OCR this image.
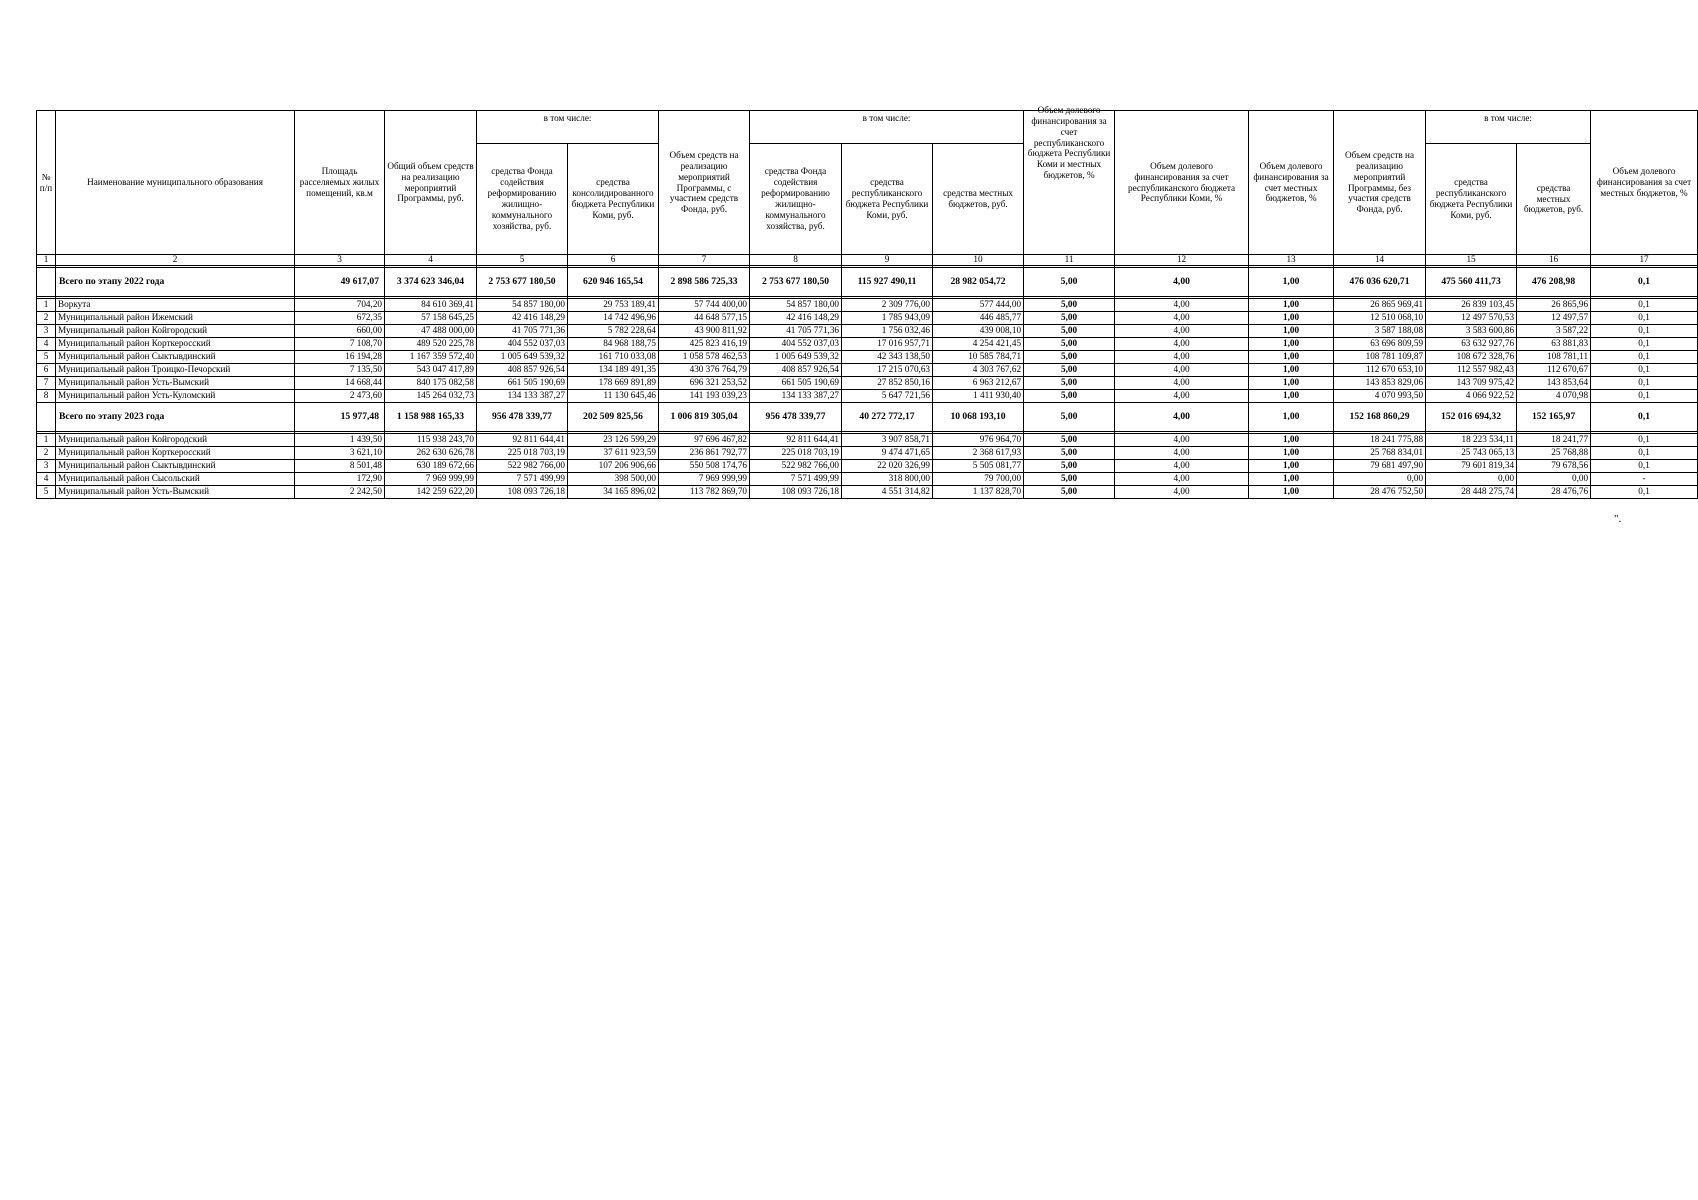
№ п/п	Наименование муниципального образования	Площадь расселяемых жилых помещений, кв.м	Общий объем средств на реализацию мероприятий Программы, руб.	в том числе:		Объем средств на реализацию мероприятий Программы, с участием средств Фонда, руб.	в том числе:			Объем долевого финансирования за счет республиканского бюджета Республики Коми и местных бюджетов, %	Объем долевого финансирования за счет республиканского бюджета Республики Коми, %	Объем долевого финансирования за счет местных бюджетов, %	Объем средств на реализацию мероприятий Программы, без участия средств Фонда, руб.	в том числе:		Объем долевого финансирования за счет местных бюджетов, %
				средства Фонда содействия реформированию жилищно-коммунального хозяйства, руб.	средства консолидированного бюджета Республики Коми, руб.		средства Фонда содействия реформированию жилищно-коммунального хозяйства, руб.	средства республиканского бюджета Республики Коми, руб.	средства местных бюджетов, руб.					средства республиканского бюджета Республики Коми, руб.	средства местных бюджетов, руб.	
1	2	3	4	5	6	7	8	9	10	11	12	13	14	15	16	17

	Всего по этапу 2022 года	49 617,07	3 374 623 346,04	2 753 677 180,50	620 946 165,54	2 898 586 725,33	2 753 677 180,50	115 927 490,11	28 982 054,72	5,00	4,00	1,00	476 036 620,71	475 560 411,73	476 208,98	0,1

1	Воркута	704,20	84 610 369,41	54 857 180,00	29 753 189,41	57 744 400,00	54 857 180,00	2 309 776,00	577 444,00	5,00	4,00	1,00	26 865 969,41	26 839 103,45	26 865,96	0,1
2	Муниципальный район Ижемский	672,35	57 158 645,25	42 416 148,29	14 742 496,96	44 648 577,15	42 416 148,29	1 785 943,09	446 485,77	5,00	4,00	1,00	12 510 068,10	12 497 570,53	12 497,57	0,1
3	Муниципальный район Койгородский	660,00	47 488 000,00	41 705 771,36	5 782 228,64	43 900 811,92	41 705 771,36	1 756 032,46	439 008,10	5,00	4,00	1,00	3 587 188,08	3 583 600,86	3 587,22	0,1
4	Муниципальный район Корткеросский	7 108,70	489 520 225,78	404 552 037,03	84 968 188,75	425 823 416,19	404 552 037,03	17 016 957,71	4 254 421,45	5,00	4,00	1,00	63 696 809,59	63 632 927,76	63 881,83	0,1
5	Муниципальный район Сыктывдинский	16 194,28	1 167 359 572,40	1 005 649 539,32	161 710 033,08	1 058 578 462,53	1 005 649 539,32	42 343 138,50	10 585 784,71	5,00	4,00	1,00	108 781 109,87	108 672 328,76	108 781,11	0,1
6	Муниципальный район Троицко-Печорский	7 135,50	543 047 417,89	408 857 926,54	134 189 491,35	430 376 764,79	408 857 926,54	17 215 070,63	4 303 767,62	5,00	4,00	1,00	112 670 653,10	112 557 982,43	112 670,67	0,1
7	Муниципальный район Усть-Вымский	14 668,44	840 175 082,58	661 505 190,69	178 669 891,89	696 321 253,52	661 505 190,69	27 852 850,16	6 963 212,67	5,00	4,00	1,00	143 853 829,06	143 709 975,42	143 853,64	0,1
8	Муниципальный район Усть-Куломский	2 473,60	145 264 032,73	134 133 387,27	11 130 645,46	141 193 039,23	134 133 387,27	5 647 721,56	1 411 930,40	5,00	4,00	1,00	4 070 993,50	4 066 922,52	4 070,98	0,1
	Всего по этапу 2023 года	15 977,48	1 158 988 165,33	956 478 339,77	202 509 825,56	1 006 819 305,04	956 478 339,77	40 272 772,17	10 068 193,10	5,00	4,00	1,00	152 168 860,29	152 016 694,32	152 165,97	0,1

1	Муниципальный район Койгородский	1 439,50	115 938 243,70	92 811 644,41	23 126 599,29	97 696 467,82	92 811 644,41	3 907 858,71	976 964,70	5,00	4,00	1,00	18 241 775,88	18 223 534,11	18 241,77	0,1
2	Муниципальный район Корткеросский	3 621,10	262 630 626,78	225 018 703,19	37 611 923,59	236 861 792,77	225 018 703,19	9 474 471,65	2 368 617,93	5,00	4,00	1,00	25 768 834,01	25 743 065,13	25 768,88	0,1
3	Муниципальный район Сыктывдинский	8 501,48	630 189 672,66	522 982 766,00	107 206 906,66	550 508 174,76	522 982 766,00	22 020 326,99	5 505 081,77	5,00	4,00	1,00	79 681 497,90	79 601 819,34	79 678,56	0,1
4	Муниципальный район Сысольский	172,90	7 969 999,99	7 571 499,99	398 500,00	7 969 999,99	7 571 499,99	318 800,00	79 700,00	5,00	4,00	1,00	0,00	0,00	0,00	-
5	Муниципальный район Усть-Вымский	2 242,50	142 259 622,20	108 093 726,18	34 165 896,02	113 782 869,70	108 093 726,18	4 551 314,82	1 137 828,70	5,00	4,00	1,00	28 476 752,50	28 448 275,74	28 476,76	0,1
".
